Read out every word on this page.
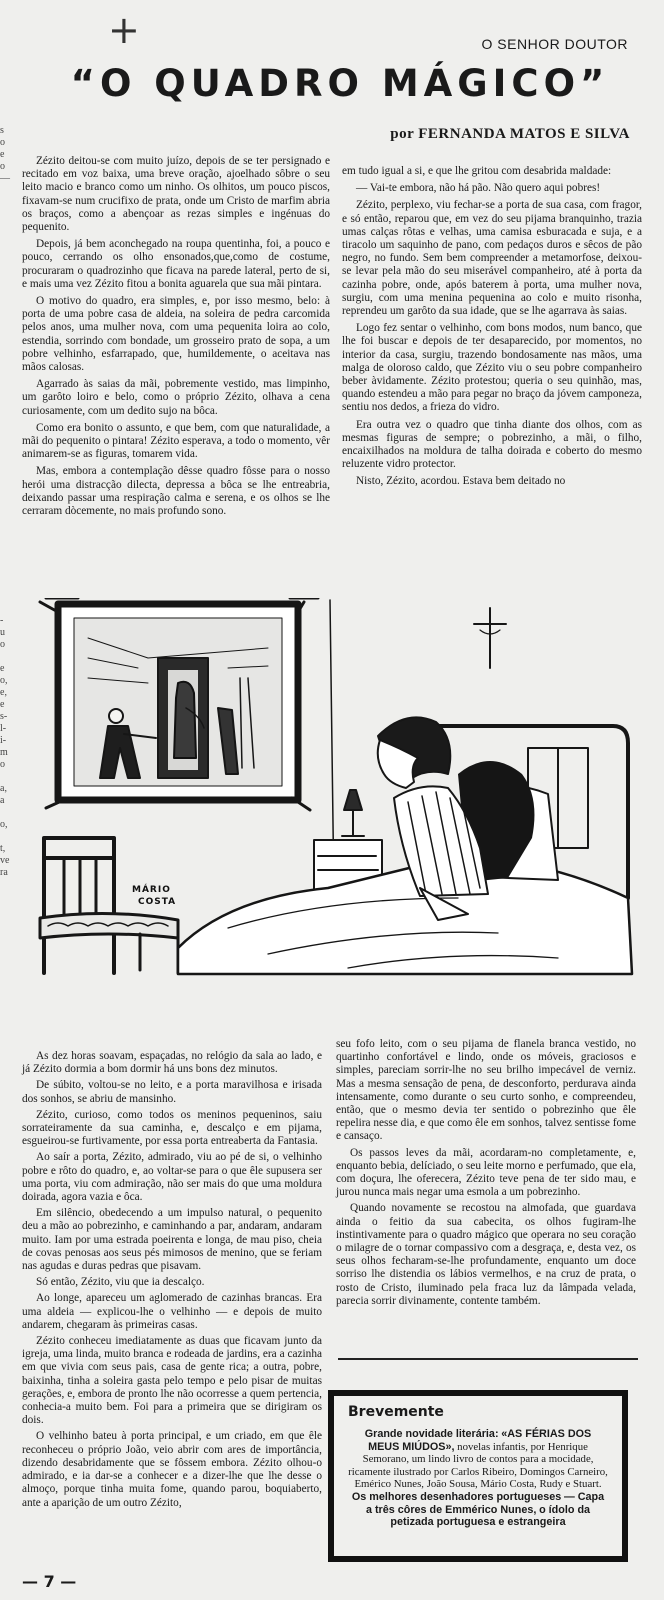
+	O SENHOR DOUTOR
“O QUADRO MÁGICO”
por FERNANDA MATOS E SILVA
s
o
e
o
—
-
u
o

e
o,
e,
e
s-
l-
i-
m
o

a,
a

o,

t,
ve
ra

Zézito deitou-se com muito juízo, depois de se ter persignado e recitado em voz baixa, uma breve oração, ajoelhado sôbre o seu leito macio e branco como um ninho. Os olhitos, um pouco piscos, fixavam-se num crucifixo de prata, onde um Cristo de marfim abria os braços, como a abençoar as rezas simples e ingénuas do pequenito.

Depois, já bem aconchegado na roupa quentinha, foi, a pouco e pouco, cerrando os olho ensonados,que,como de costume, procuraram o quadrozinho que ficava na parede lateral, perto de si, e mais uma vez Zézito fitou a bonita aguarela que sua mãi pintara.

O motivo do quadro, era simples, e, por isso mesmo, belo: à porta de uma pobre casa de aldeia, na soleira de pedra carcomida pelos anos, uma mulher nova, com uma pequenita loira ao colo, estendia, sorrindo com bondade, um grosseiro prato de sopa, a um pobre velhinho, esfarrapado, que, humildemente, o aceitava nas mãos calosas.

Agarrado às saias da mãi, pobremente vestido, mas limpinho, um garôto loiro e belo, como o próprio Zézito, olhava a cena curiosamente, com um dedito sujo na bôca.

Como era bonito o assunto, e que bem, com que naturalidade, a mãi do pequenito o pintara! Zézito esperava, a todo o momento, vêr animarem-se as figuras, tomarem vida.

Mas, embora a contemplação dêsse quadro fôsse para o nosso herói uma distracção dilecta, depressa a bôca se lhe entreabria, deixando passar uma respiração calma e serena, e os olhos se lhe cerraram dòcemente, no mais profundo sono.

em tudo igual a si, e que lhe gritou com desabrida maldade:

— Vai-te embora, não há pão. Não quero aqui pobres!

Zézito, perplexo, viu fechar-se a porta de sua casa, com fragor, e só então, reparou que, em vez do seu pijama branquinho, trazia umas calças rôtas e velhas, uma camisa esburacada e suja, e a tiracolo um saquinho de pano, com pedaços duros e sêcos de pão negro, no fundo. Sem bem compreender a metamorfose, deixou-se levar pela mão do seu miserável companheiro, até à porta da cazinha pobre, onde, após baterem à porta, uma mulher nova, surgiu, com uma menina pequenina ao colo e muito risonha, reprendeu um garôto da sua idade, que se lhe agarrava às saias.

Logo fez sentar o velhinho, com bons modos, num banco, que lhe foi buscar e depois de ter desaparecido, por momentos, no interior da casa, surgiu, trazendo bondosamente nas mãos, uma malga de oloroso caldo, que Zézito viu o seu pobre companheiro beber àvidamente. Zézito protestou; queria o seu quinhão, mas, quando estendeu a mão para pegar no braço da jóvem camponeza, sentiu nos dedos, a frieza do vidro.

Era outra vez o quadro que tinha diante dos olhos, com as mesmas figuras de sempre; o pobrezinho, a mãi, o filho, encaixilhados na moldura de talha doirada e coberto do mesmo reluzente vidro protector.

Nisto, Zézito, acordou. Estava bem deitado no

MÁRIO
COSTA

As dez horas soavam, espaçadas, no relógio da sala ao lado, e já Zézito dormia a bom dormir há uns bons dez minutos.

De súbito, voltou-se no leito, e a porta maravilhosa e irisada dos sonhos, se abriu de mansinho.

Zézito, curioso, como todos os meninos pequeninos, saiu sorrateiramente da sua caminha, e, descalço e em pijama, esgueirou-se furtivamente, por essa porta entreaberta da Fantasia.

Ao saír a porta, Zézito, admirado, viu ao pé de si, o velhinho pobre e rôto do quadro, e, ao voltar-se para o que êle supusera ser uma porta, viu com admiração, não ser mais do que uma moldura doirada, agora vazia e ôca.

Em silêncio, obedecendo a um impulso natural, o pequenito deu a mão ao pobrezinho, e caminhando a par, andaram, andaram muito. Iam por uma estrada poeirenta e longa, de mau piso, cheia de covas penosas aos seus pés mimosos de menino, que se feriam nas agudas e duras pedras que pisavam.

Só então, Zézito, viu que ia descalço.

Ao longe, apareceu um aglomerado de cazinhas brancas. Era uma aldeia — explicou-lhe o velhinho — e depois de muito andarem, chegaram às primeiras casas.

Zézito conheceu imediatamente as duas que ficavam junto da igreja, uma linda, muito branca e rodeada de jardins, era a cazinha em que vivia com seus pais, casa de gente rica; a outra, pobre, baixinha, tinha a soleira gasta pelo tempo e pelo pisar de muitas gerações, e, embora de pronto lhe não ocorresse a quem pertencia, conhecia-a muito bem. Foi para a primeira que se dirigiram os dois.

O velhinho bateu à porta principal, e um criado, em que êle reconheceu o próprio João, veio abrir com ares de importância, dizendo desabridamente que se fôssem embora. Zézito olhou-o admirado, e ia dar-se a conhecer e a dizer-lhe que lhe desse o almoço, porque tinha muita fome, quando parou, boquiaberto, ante a aparição de um outro Zézito,

seu fofo leito, com o seu pijama de flanela branca vestido, no quartinho confortável e lindo, onde os móveis, graciosos e simples, pareciam sorrir-lhe no seu brilho impecável de verniz. Mas a mesma sensação de pena, de desconforto, perdurava ainda intensamente, como durante o seu curto sonho, e compreendeu, então, que o mesmo devia ter sentido o pobrezinho que êle repelira nesse dia, e que como êle em sonhos, talvez sentisse fome e cansaço.

Os passos leves da mãi, acordaram-no completamente, e, enquanto bebia, delíciado, o seu leite morno e perfumado, que ela, com doçura, lhe oferecera, Zézito teve pena de ter sido mau, e jurou nunca mais negar uma esmola a um pobrezinho.

Quando novamente se recostou na almofada, que guardava ainda o feitio da sua cabecita, os olhos fugiram-lhe instintivamente para o quadro mágico que operara no seu coração o milagre de o tornar compassivo com a desgraça, e, desta vez, os seus olhos fecharam-se-lhe profundamente, enquanto um doce sorriso lhe distendia os lábios vermelhos, e na cruz de prata, o rosto de Cristo, iluminado pela fraca luz da lâmpada velada, parecia sorrir divinamente, contente também.

Brevemente

Grande novidade literária: «AS FÉRIAS DOS MEUS MIÚDOS», novelas infantis, por Henrique Semorano, um lindo livro de contos para a mocidade, ricamente ilustrado por Carlos Ribeiro, Domingos Carneiro, Emérico Nunes, João Sousa, Mário Costa, Rudy e Stuart. Os melhores desenhadores portugueses — Capa a três côres de Emmérico Nunes, o ídolo da petizada portuguesa e estrangeira

— 7 —
